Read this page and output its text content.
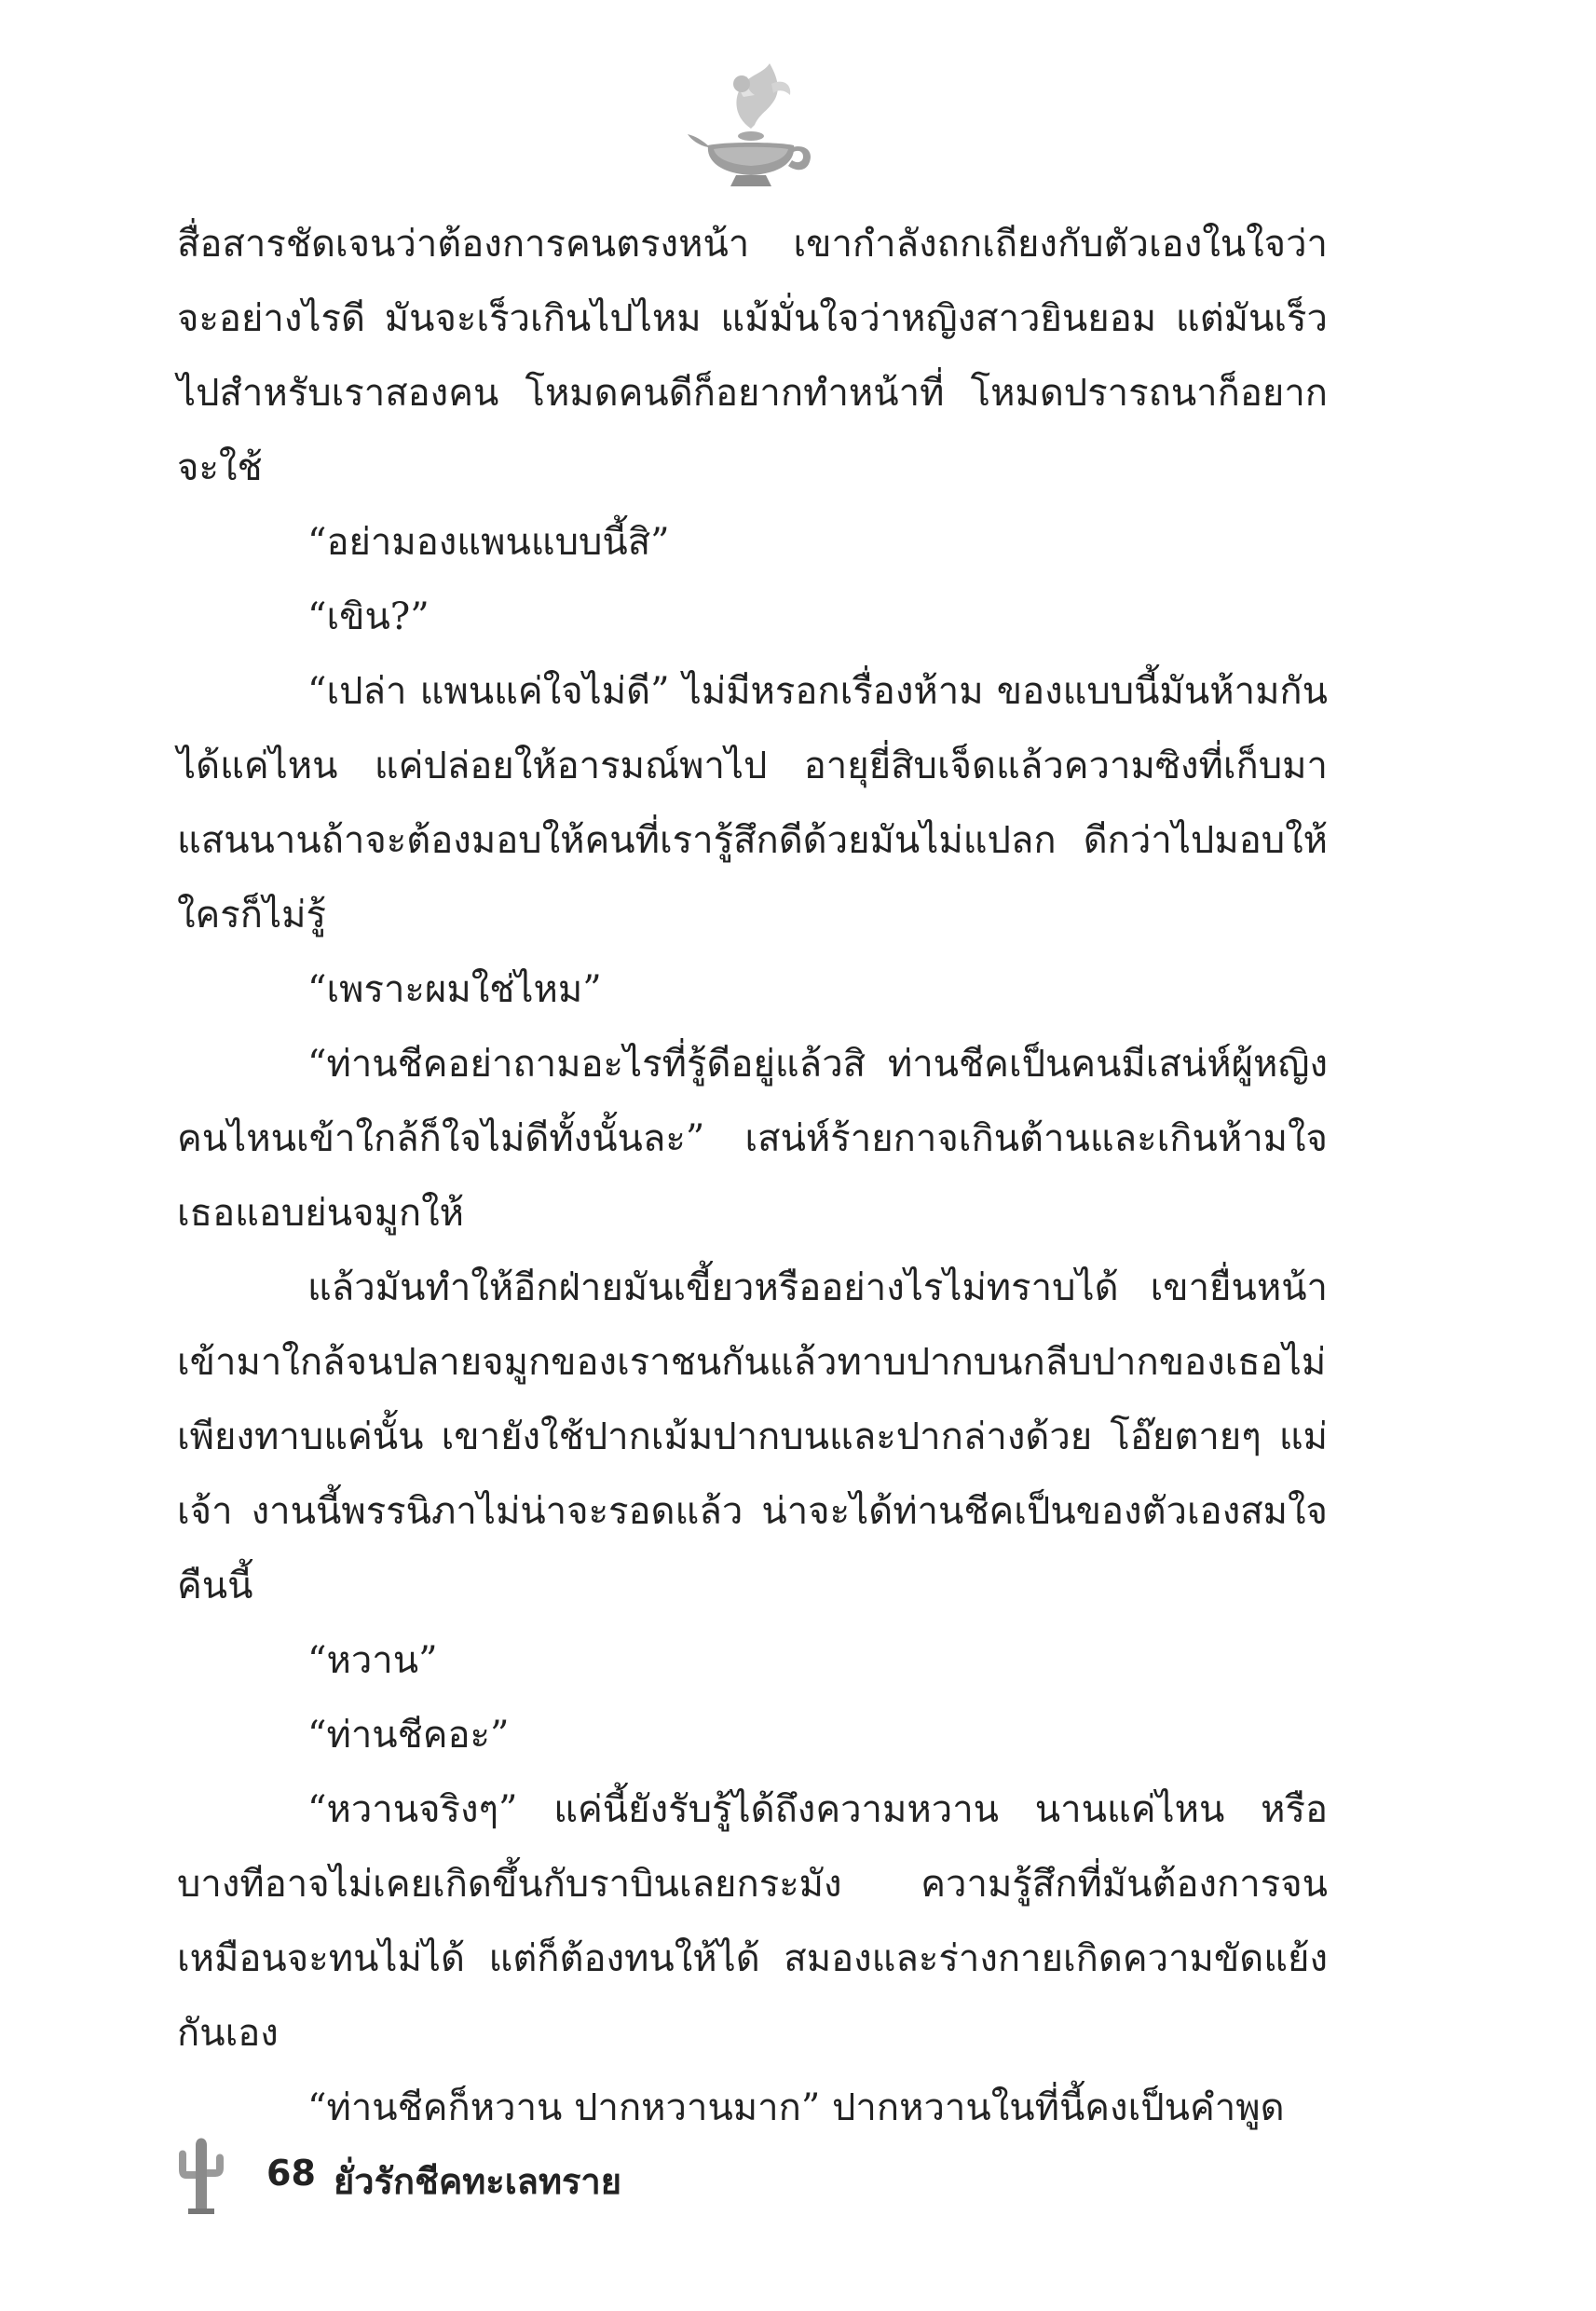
สื่อสารชัดเจนว่าต้องการคนตรงหน้า เขากำลังถกเถียงกับตัวเองในใจว่าจะอย่างไรดี มันจะเร็วเกินไปไหม แม้มั่นใจว่าหญิงสาวยินยอม แต่มันเร็วไปสำหรับเราสองคน โหมดคนดีก็อยากทำหน้าที่ โหมดปรารถนาก็อยากจะใช้

“อย่ามองแพนแบบนี้สิ”

“เขิน?”

“เปล่า แพนแค่ใจไม่ดี” ไม่มีหรอกเรื่องห้าม ของแบบนี้มันห้ามกันได้แค่ไหน แค่ปล่อยให้อารมณ์พาไป อายุยี่สิบเจ็ดแล้วความซิงที่เก็บมาแสนนานถ้าจะต้องมอบให้คนที่เรารู้สึกดีด้วยมันไม่แปลก ดีกว่าไปมอบให้ใครก็ไม่รู้

“เพราะผมใช่ไหม”

“ท่านชีคอย่าถามอะไรที่รู้ดีอยู่แล้วสิ ท่านชีคเป็นคนมีเสน่ห์ผู้หญิงคนไหนเข้าใกล้ก็ใจไม่ดีทั้งนั้นละ” เสน่ห์ร้ายกาจเกินต้านและเกินห้ามใจ เธอแอบย่นจมูกให้

แล้วมันทำให้อีกฝ่ายมันเขี้ยวหรืออย่างไรไม่ทราบได้ เขายื่นหน้าเข้ามาใกล้จนปลายจมูกของเราชนกันแล้วทาบปากบนกลีบปากของเธอไม่เพียงทาบแค่นั้น เขายังใช้ปากเม้มปากบนและปากล่างด้วย โอ๊ยตายๆ แม่เจ้า งานนี้พรรนิภาไม่น่าจะรอดแล้ว น่าจะได้ท่านชีคเป็นของตัวเองสมใจคืนนี้

“หวาน”

“ท่านชีคอะ”

“หวานจริงๆ” แค่นี้ยังรับรู้ได้ถึงความหวาน นานแค่ไหน หรือบางทีอาจไม่เคยเกิดขึ้นกับราบินเลยกระมัง ความรู้สึกที่มันต้องการจนเหมือนจะทนไม่ได้ แต่ก็ต้องทนให้ได้ สมองและร่างกายเกิดความขัดแย้งกันเอง

“ท่านชีคก็หวาน ปากหวานมาก” ปากหวานในที่นี้คงเป็นคำพูด

68 ยั่วรักชีคทะเลทราย
